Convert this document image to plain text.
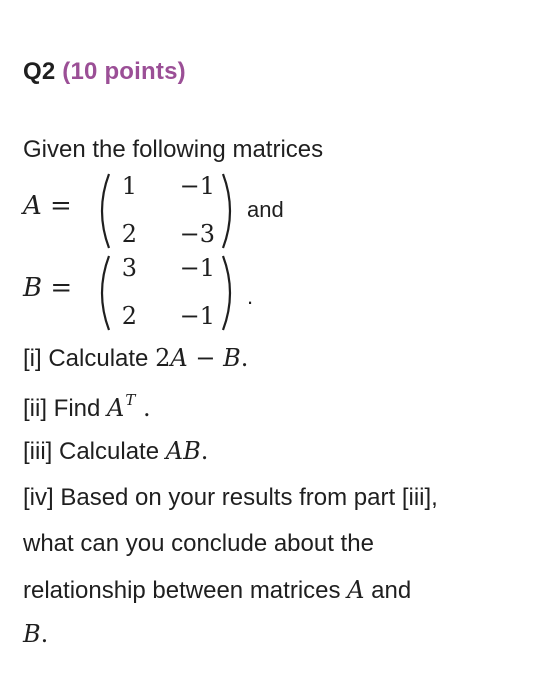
Q2 (10 points)
Given the following matrices
A =
1	−1
2	−3
and
B =
3	−1
2	−1
.
[i] Calculate 2A − B.
[ii] Find $A^T$ .
[iii] Calculate AB.
[iv] Based on your results from part [iii],
what can you conclude about the
relationship between matrices A and
B.
